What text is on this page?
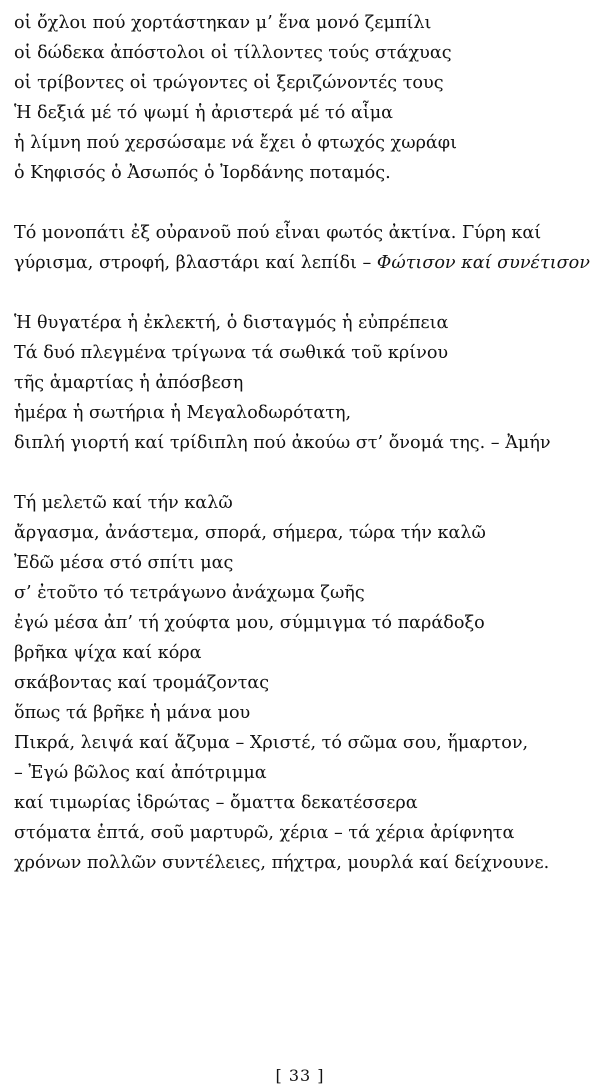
οἱ ὄχλοι πού χορτάστηκαν μ’ ἕνα μονό ζεμπίλι
οἱ δώδεκα ἀπόστολοι οἱ τίλλοντες τούς στάχυας
οἱ τρίβοντες οἱ τρώγοντες οἱ ξεριζώνοντές τους
Ἡ δεξιά μέ τό ψωμί ἡ ἀριστερά μέ τό αἷμα
ἡ λίμνη πού χερσώσαμε νά ἔχει ὁ φτωχός χωράφι
ὁ Κηφισός ὁ Ἀσωπός ὁ Ἰορδάνης ποταμός.
Τό μονοπάτι ἐξ οὐρανοῦ πού εἶναι φωτός ἀκτίνα. Γύρη καί
γύρισμα, στροφή, βλαστάρι καί λεπίδι – Φώτισον καί συνέτισον
Ἡ θυγατέρα ἡ ἐκλεκτή, ὁ δισταγμός ἡ εὐπρέπεια
Τά δυό πλεγμένα τρίγωνα τά σωθικά τοῦ κρίνου
τῆς ἁμαρτίας ἡ ἀπόσβεση
ἡμέρα ἡ σωτήρια ἡ Μεγαλοδωρότατη,
διπλή γιορτή καί τρίδιπλη πού ἀκούω στ’ ὄνομά της. – Ἀμήν
Τή μελετῶ καί τήν καλῶ
ἄργασμα, ἀνάστεμα, σπορά, σήμερα, τώρα τήν καλῶ
Ἐδῶ μέσα στό σπίτι μας
σ’ ἐτοῦτο τό τετράγωνο ἀνάχωμα ζωῆς
ἐγώ μέσα ἀπ’ τή χούφτα μου, σύμμιγμα τό παράδοξο
βρῆκα ψίχα καί κόρα
σκάβοντας καί τρομάζοντας
ὅπως τά βρῆκε ἡ μάνα μου
Πικρά, λειψά καί ἄζυμα – Χριστέ, τό σῶμα σου, ἥμαρτον,
– Ἐγώ βῶλος καί ἀπότριμμα
καί τιμωρίας ἱδρώτας – ὄματτα δεκατέσσερα
στόματα ἑπτά, σοῦ μαρτυρῶ, χέρια – τά χέρια ἀρίφνητα
χρόνων πολλῶν συντέλειες, πήχτρα, μουρλά καί δείχνουνε.
[ 33 ]
